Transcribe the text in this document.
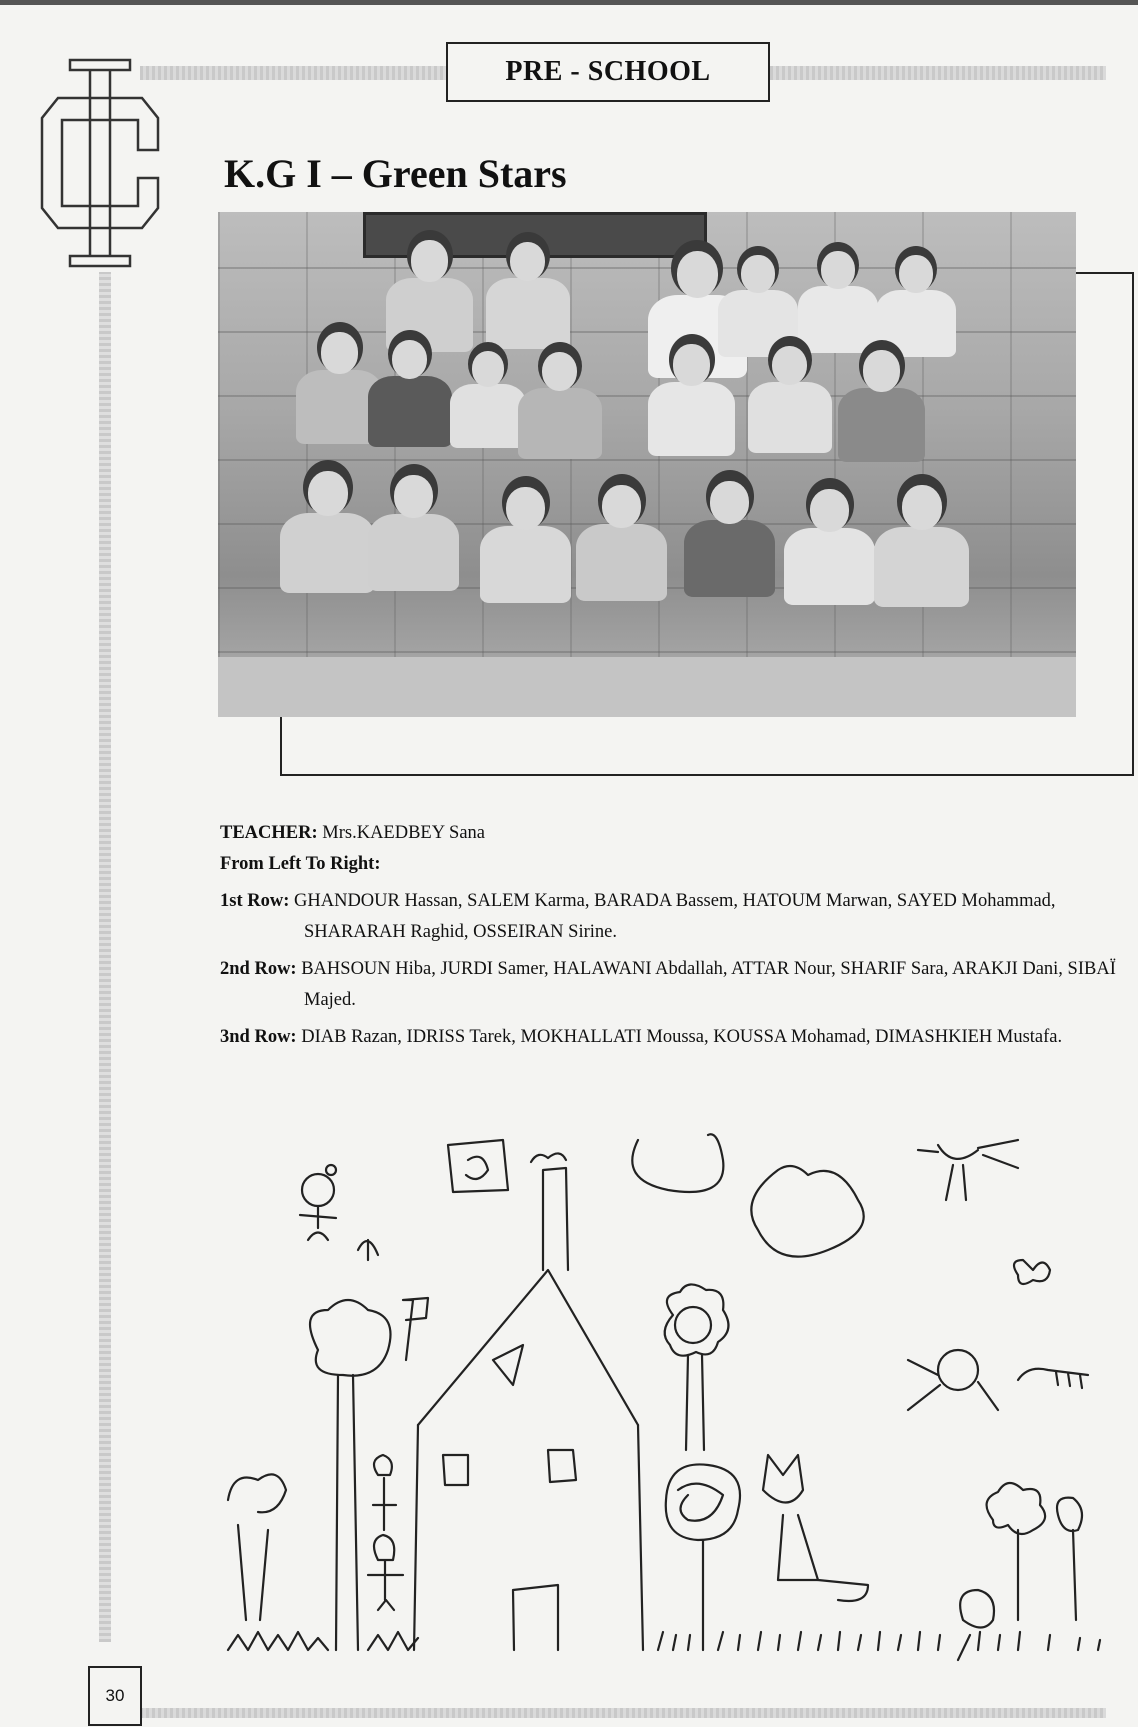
PRE - SCHOOL
K.G I – Green Stars

TEACHER: Mrs.KAEDBEY Sana

From Left To Right:

1st Row: GHANDOUR Hassan, SALEM Karma, BARADA Bassem, HATOUM Marwan, SAYED Mohammad, SHARARAH Raghid, OSSEIRAN Sirine.

2nd Row: BAHSOUN Hiba, JURDI Samer, HALAWANI Abdallah, ATTAR Nour, SHARIF Sara, ARAKJI Dani, SIBAÏ Majed.

3nd Row: DIAB Razan, IDRISS Tarek, MOKHALLATI Moussa, KOUSSA Mohamad, DIMASHKIEH Mustafa.

30
